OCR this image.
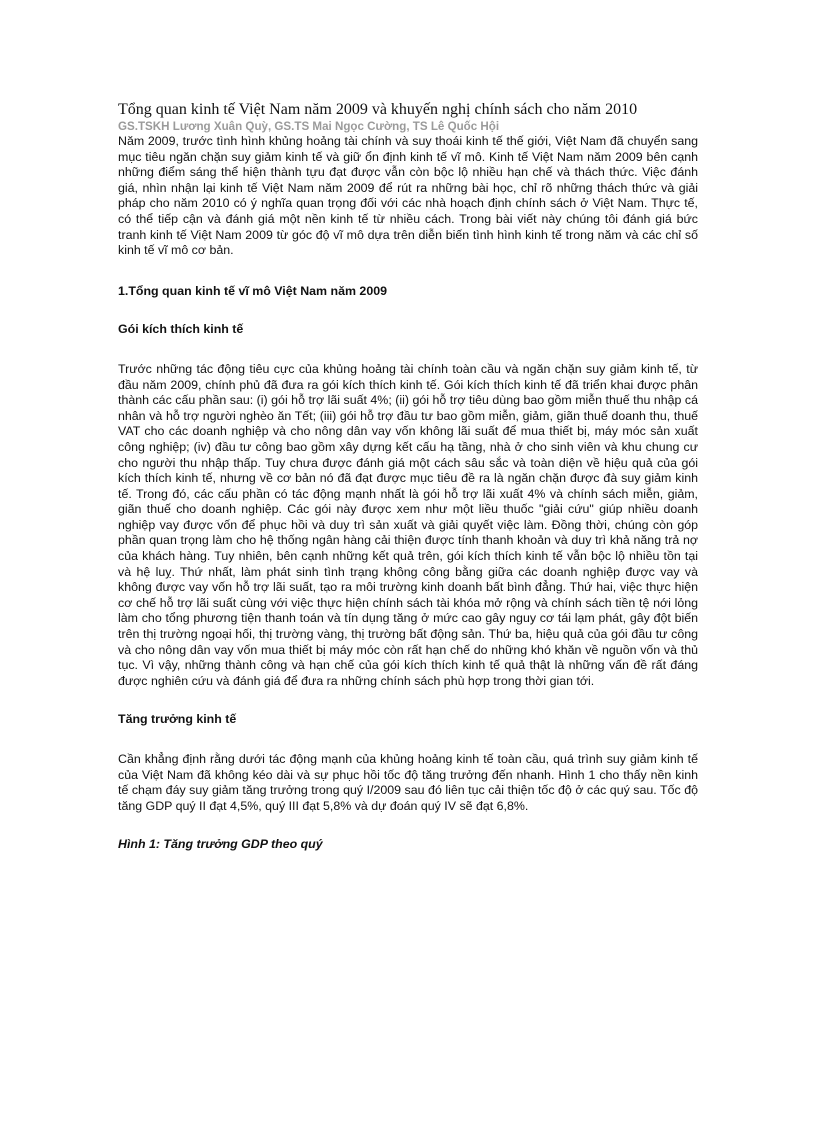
Tổng quan kinh tế Việt Nam năm 2009 và khuyến nghị chính sách cho năm 2010

GS.TSKH Lương Xuân Quỳ, GS.TS Mai Ngọc Cường, TS Lê Quốc Hội

Năm 2009, trước tình hình khủng hoảng tài chính và suy thoái kinh tế thế giới, Việt Nam đã chuyển sang mục tiêu ngăn chặn suy giảm kinh tế và giữ ổn định kinh tế vĩ mô. Kinh tế Việt Nam năm 2009 bên cạnh những điểm sáng thể hiện thành tựu đạt được vẫn còn bộc lộ nhiều hạn chế và thách thức. Việc đánh giá, nhìn nhận lại kinh tế Việt Nam năm 2009 để rút ra những bài học, chỉ rõ những thách thức và giải pháp cho năm 2010 có ý nghĩa quan trọng đối với các nhà hoạch định chính sách ở Việt Nam. Thực tế, có thể tiếp cận và đánh giá một nền kinh tế từ nhiều cách. Trong bài viết này chúng tôi đánh giá bức tranh kinh tế Việt Nam 2009 từ góc độ vĩ mô dựa trên diễn biến tình hình kinh tế trong năm và các chỉ số kinh tế vĩ mô cơ bản.

1.Tổng quan kinh tế vĩ mô Việt Nam năm 2009

Gói kích thích kinh tế

Trước những tác động tiêu cực của khủng hoảng tài chính toàn cầu và ngăn chặn suy giảm kinh tế, từ đầu năm 2009, chính phủ đã đưa ra gói kích thích kinh tế. Gói kích thích kinh tế đã triển khai được phân thành các cấu phần sau: (i) gói hỗ trợ lãi suất 4%; (ii) gói hỗ trợ tiêu dùng bao gồm miễn thuế thu nhập cá nhân và hỗ trợ người nghèo ăn Tết; (iii) gói hỗ trợ đầu tư bao gồm miễn, giảm, giãn thuế doanh thu, thuế VAT cho các doanh nghiệp và cho nông dân vay vốn không lãi suất để mua thiết bị, máy móc sản xuất công nghiệp; (iv) đầu tư công bao gồm xây dựng kết cấu hạ tầng, nhà ở cho sinh viên và khu chung cư cho người thu nhập thấp. Tuy chưa được đánh giá một cách sâu sắc và toàn diện về hiệu quả của gói kích thích kinh tế, nhưng về cơ bản nó đã đạt được mục tiêu đề ra là ngăn chặn được đà suy giảm kinh tế. Trong đó, các cấu phần có tác động mạnh nhất là gói hỗ trợ lãi xuất 4% và chính sách miễn, giảm, giãn thuế cho doanh nghiệp. Các gói này được xem như một liều thuốc "giải cứu" giúp nhiều doanh nghiệp vay được vốn để phục hồi và duy trì sản xuất và giải quyết việc làm. Đồng thời, chúng còn góp phần quan trọng làm cho hệ thống ngân hàng cải thiện được tính thanh khoản và duy trì khả năng trả nợ của khách hàng. Tuy nhiên, bên cạnh những kết quả trên, gói kích thích kinh tế vẫn bộc lộ nhiều tồn tại và hệ luỵ. Thứ nhất, làm phát sinh tình trạng không công bằng giữa các doanh nghiệp được vay và không được vay vốn hỗ trợ lãi suất, tạo ra môi trường kinh doanh bất bình đẳng. Thứ hai, việc thực hiện cơ chế hỗ trợ lãi suất cùng với việc thực hiện chính sách tài khóa mở rộng và chính sách tiền tệ nới lỏng làm cho tổng phương tiện thanh toán và tín dụng tăng ở mức cao gây nguy cơ tái lạm phát, gây đột biến trên thị trường ngoại hối, thị trường vàng, thị trường bất động sản. Thứ ba, hiệu quả của gói đầu tư công và cho nông dân vay vốn mua thiết bị máy móc còn rất hạn chế do những khó khăn về nguồn vốn và thủ tục. Vì vậy, những thành công và hạn chế của gói kích thích kinh tế quả thật là những vấn đề rất đáng được nghiên cứu và đánh giá để đưa ra những chính sách phù hợp trong thời gian tới.

Tăng trưởng kinh tế

Cần khẳng định rằng dưới tác động mạnh của khủng hoảng kinh tế toàn cầu, quá trình suy giảm kinh tế của Việt Nam đã không kéo dài và sự phục hồi tốc độ tăng trưởng đến nhanh. Hình 1 cho thấy nền kinh tế chạm đáy suy giảm tăng trưởng trong quý I/2009 sau đó liên tục cải thiện tốc độ ở các quý sau. Tốc độ tăng GDP quý II đạt 4,5%, quý III đạt 5,8% và dự đoán quý IV sẽ đạt 6,8%.

Hình 1: Tăng trưởng GDP theo quý
